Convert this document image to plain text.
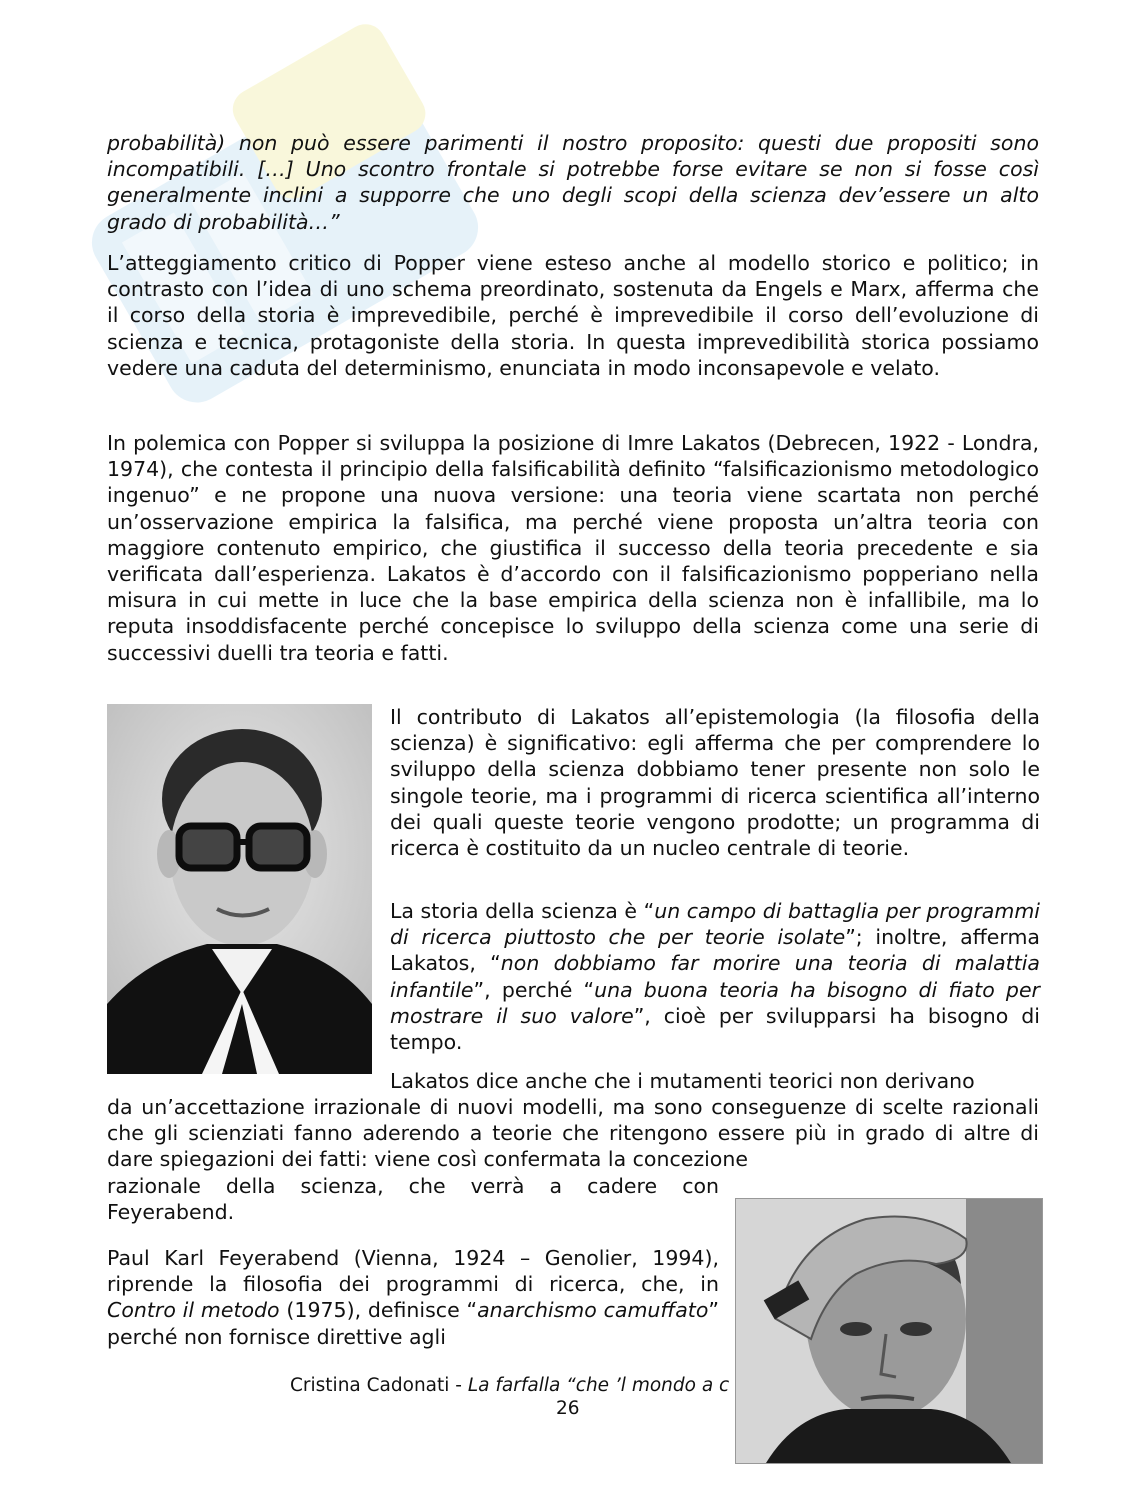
probabilità) non può essere parimenti il nostro proposito: questi due propositi sono incompatibili. […] Uno scontro frontale si potrebbe forse evitare se non si fosse così generalmente inclini a supporre che uno degli scopi della scienza dev’essere un alto grado di probabilità…”

L’atteggiamento critico di Popper viene esteso anche al modello storico e politico; in contrasto con l’idea di uno schema preordinato, sostenuta da Engels e Marx, afferma che il corso della storia è imprevedibile, perché è imprevedibile il corso dell’evoluzione di scienza e tecnica, protagoniste della storia. In questa imprevedibilità storica possiamo vedere una caduta del determinismo, enunciata in modo inconsapevole e velato.

In polemica con Popper si sviluppa la posizione di Imre Lakatos (Debrecen, 1922 - Londra, 1974), che contesta il principio della falsificabilità definito “falsificazionismo metodologico ingenuo” e ne propone una nuova versione: una teoria viene scartata non perché un’osservazione empirica la falsifica, ma perché viene proposta un’altra teoria con maggiore contenuto empirico, che giustifica il successo della teoria precedente e sia verificata dall’esperienza. Lakatos è d’accordo con il falsificazionismo popperiano nella misura in cui mette in luce che la base empirica della scienza non è infallibile, ma lo reputa insoddisfacente perché concepisce lo sviluppo della scienza come una serie di successivi duelli tra teoria e fatti.

Il contributo di Lakatos all’epistemologia (la filosofia della scienza) è significativo: egli afferma che per comprendere lo sviluppo della scienza dobbiamo tener presente non solo le singole teorie, ma i programmi di ricerca scientifica all’interno dei quali queste teorie vengono prodotte; un programma di ricerca è costituito da un nucleo centrale di teorie.

La storia della scienza è “un campo di battaglia per programmi di ricerca piuttosto che per teorie isolate”; inoltre, afferma Lakatos, “non dobbiamo far morire una teoria di malattia infantile”, perché “una buona teoria ha bisogno di fiato per mostrare il suo valore”, cioè per svilupparsi ha bisogno di tempo.

Lakatos dice anche che i mutamenti teorici non derivano

da un’accettazione irrazionale di nuovi modelli, ma sono conseguenze di scelte razionali che gli scienziati fanno aderendo a teorie che ritengono essere più in grado di altre di dare spiegazioni dei fatti: viene così confermata la concezione

razionale della scienza, che verrà a cadere con Feyerabend.

Paul Karl Feyerabend (Vienna, 1924 – Genolier, 1994), riprende la filosofia dei programmi di ricerca, che, in Contro il metodo (1975), definisce “anarchismo camuffato” perché non fornisce direttive agli

Cristina Cadonati - La farfalla “che ’l mondo a c
26
